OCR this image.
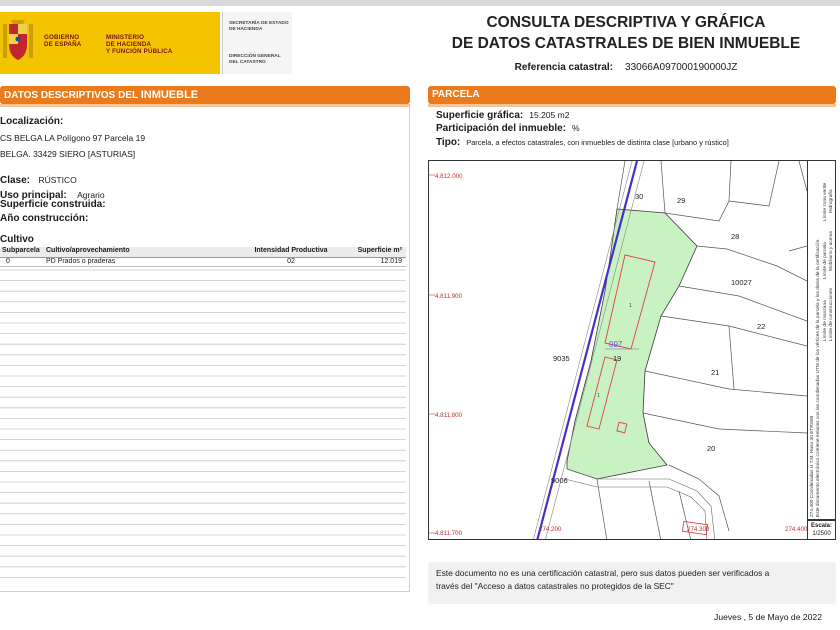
GOBIERNO
DE ESPAÑA
MINISTERIO
DE HACIENDA
Y FUNCIÓN PÚBLICA
SECRETARÍA DE ESTADO
DE HACIENDA
DIRECCIÓN GENERAL
DEL CATASTRO
CONSULTA DESCRIPTIVA Y GRÁFICA
DE DATOS CATASTRALES DE BIEN INMUEBLE
Referencia catastral: 33066A097000190000JZ
DATOS DESCRIPTIVOS DEL INMUEBLE	PARCELA
Localización:
CS BELGA LA Polígono 97 Parcela 19
BELGA. 33429 SIERO [ASTURIAS]
Clase: RÚSTICO
Uso principal: Agrario
Superficie construida:
Año construcción:
Cultivo
Subparcela Cultivo/aprovechamiento	Intensidad Productiva	Superficie m²
0	PD Prados o praderas	02	12.019
Superficie gráfica: 15.205 m2
Participación del inmueble: %
Tipo: Parcela, a efectos catastrales, con inmuebles de distinta clase [urbano y rústico]
4.812.000
4.811.900
4.811.800
4.811.700
274.200	274.300	274.400
30	29
28
10027
22
21
20
9035	19
9006
1
1
097
274.400 Coordenadas U.T.M. Huso 30 ETRS89 Este documento electrónico contiene enlaces con las coordenadas UTM de los vértices de la parcela y los datos de la certificación. Límite de manzana
Límite de parcela
Límite de construcciones
Mobiliario y aceras
Límite zona verde Hidrografía
Escala:
1/2500
Este documento no es una certificación catastral, pero sus datos pueden ser verificados a
través del "Acceso a datos catastrales no protegidos de la SEC"
Jueves , 5 de Mayo de 2022
